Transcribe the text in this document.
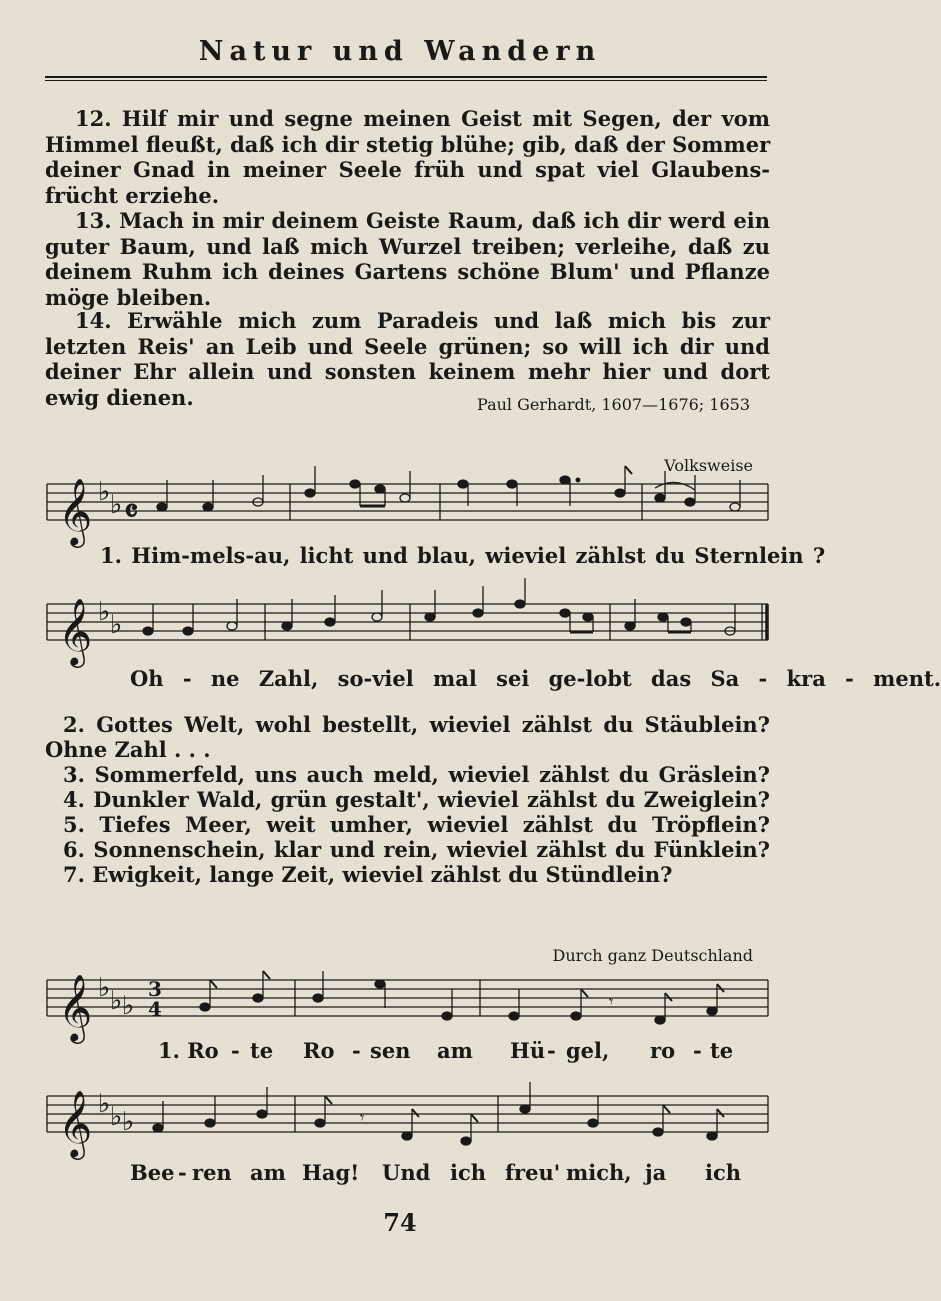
Natur und Wandern
12. Hilf mir und segne meinen Geist mit Segen, der vom
Himmel fleußt, daß ich dir stetig blühe; gib, daß der Sommer
deiner Gnad in meiner Seele früh und spat viel Glaubens-
frücht erziehe.
13. Mach in mir deinem Geiste Raum, daß ich dir werd ein
guter Baum, und laß mich Wurzel treiben; verleihe, daß zu
deinem Ruhm ich deines Gartens schöne Blum' und Pflanze
möge bleiben.
14. Erwähle mich zum Paradeis und laß mich bis zur
letzten Reis' an Leib und Seele grünen; so will ich dir und
deiner Ehr allein und sonsten keinem mehr hier und dort
ewig dienen.	Paul Gerhardt, 1607—1676; 1653
Volksweise
𝄞 ♭ ♭ 𝄴
𝄞 ♭ ♭
𝄞 ♭ ♭ ♭
3
4
𝄞 ♭ ♭ ♭
𝄾
𝄾
1. Him-mels-au, licht und blau, wieviel zählst du Sternlein ?
Oh - ne Zahl, so-viel mal sei ge-lobt das Sa - kra - ment.
2. Gottes Welt, wohl bestellt, wieviel zählst du Stäublein?
Ohne Zahl . . .
3. Sommerfeld, uns auch meld, wieviel zählst du Gräslein?
4. Dunkler Wald, grün gestalt', wieviel zählst du Zweiglein?
5. Tiefes Meer, weit umher, wieviel zählst du Tröpflein?
6. Sonnenschein, klar und rein, wieviel zählst du Fünklein?
7. Ewigkeit, lange Zeit, wieviel zählst du Stündlein?
Durch ganz Deutschland
1. Ro - te Ro - sen am Hü - gel, ro - te
Bee - ren am Hag! Und ich freu' mich, ja ich
74
